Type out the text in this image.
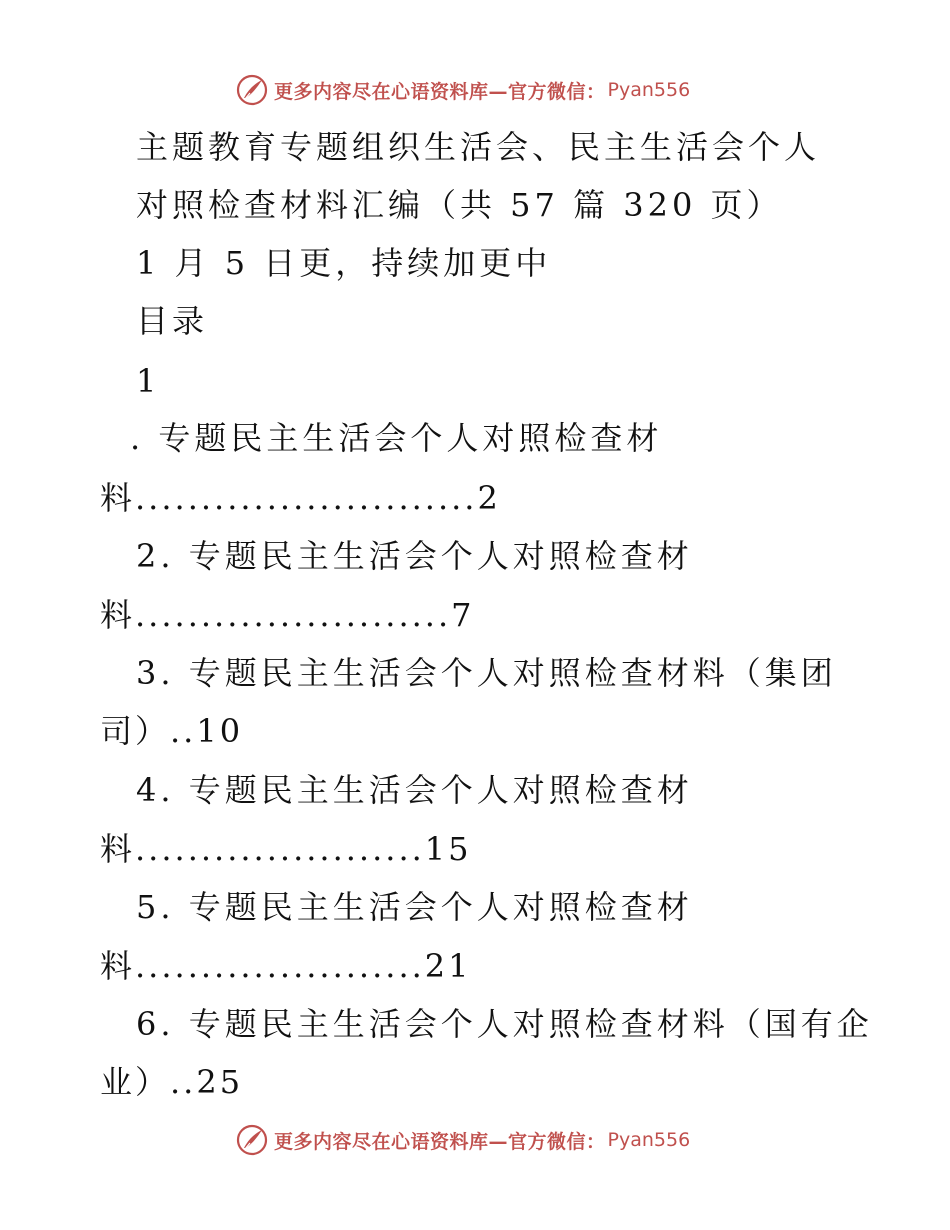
更多内容尽在心语资料库—官方微信： Pyan556
主题教育专题组织生活会、民主生活会个人
对照检查材料汇编（共 57 篇 320 页）
1 月 5 日更，持续加更中
目录
1
. 专题民主生活会个人对照检查材
料..........................2
2. 专题民主生活会个人对照检查材
料........................7
3. 专题民主生活会个人对照检查材料（集团
司）..10
4. 专题民主生活会个人对照检查材
料......................15
5. 专题民主生活会个人对照检查材
料......................21
6. 专题民主生活会个人对照检查材料（国有企
业）..25
更多内容尽在心语资料库—官方微信： Pyan556
